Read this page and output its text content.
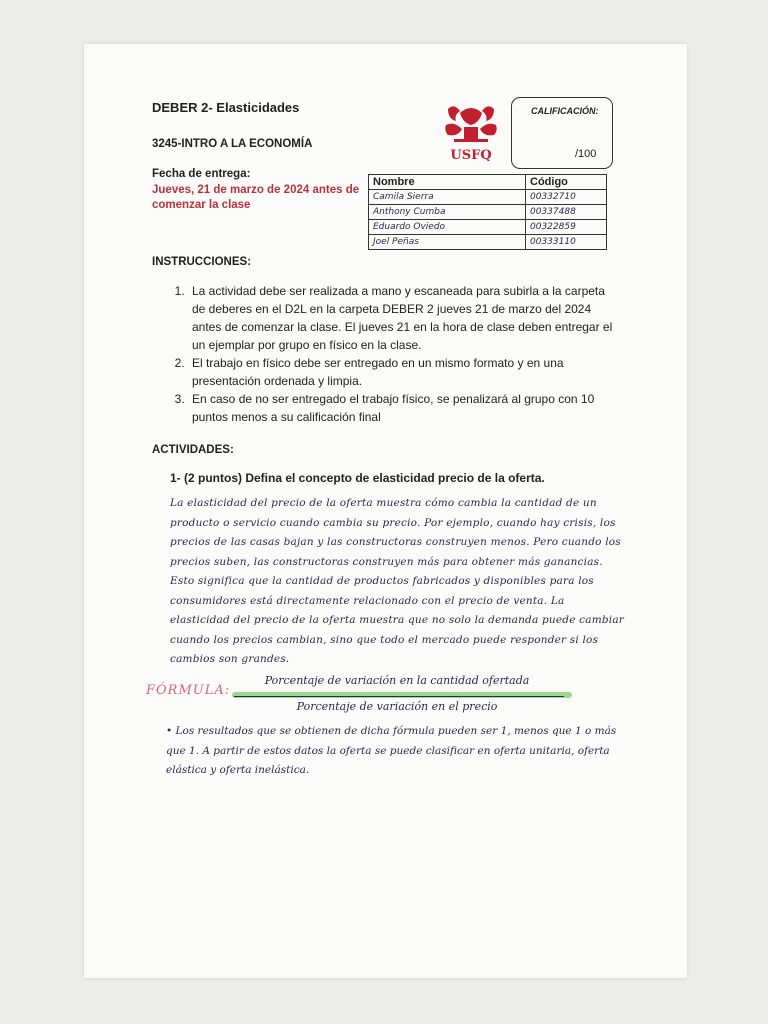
DEBER 2- Elasticidades
3245-INTRO A LA ECONOMÍA
Fecha de entrega:
Jueves, 21 de marzo de 2024 antes de comenzar la clase
USFQ
CALIFICACIÓN:
/100
Nombre	Código
Camila Sierra	00332710
Anthony Cumba	00337488
Eduardo Oviedo	00322859
Joel Peñas	00333110
INSTRUCCIONES:
1. La actividad debe ser realizada a mano y escaneada para subirla a la carpeta de deberes en el D2L en la carpeta DEBER 2 jueves 21 de marzo del 2024 antes de comenzar la clase. El jueves 21 en la hora de clase deben entregar el un ejemplar por grupo en físico en la clase.
2. El trabajo en físico debe ser entregado en un mismo formato y en una presentación ordenada y limpia.
3. En caso de no ser entregado el trabajo físico, se penalizará al grupo con 10 puntos menos a su calificación final
ACTIVIDADES:
1- (2 puntos) Defina el concepto de elasticidad precio de la oferta.
La elasticidad del precio de la oferta muestra cómo cambia la cantidad de un producto o servicio cuando cambia su precio. Por ejemplo, cuando hay crisis, los precios de las casas bajan y las constructoras construyen menos. Pero cuando los precios suben, las constructoras construyen más para obtener más ganancias. Esto significa que la cantidad de productos fabricados y disponibles para los consumidores está directamente relacionado con el precio de venta. La elasticidad del precio de la oferta muestra que no solo la demanda puede cambiar cuando los precios cambian, sino que todo el mercado puede responder si los cambios son grandes.
FÓRMULA:
Porcentaje de variación en la cantidad ofertada
Porcentaje de variación en el precio
• Los resultados que se obtienen de dicha fórmula pueden ser 1, menos que 1 o más que 1. A partir de estos datos la oferta se puede clasificar en oferta unitaria, oferta elástica y oferta inelástica.
